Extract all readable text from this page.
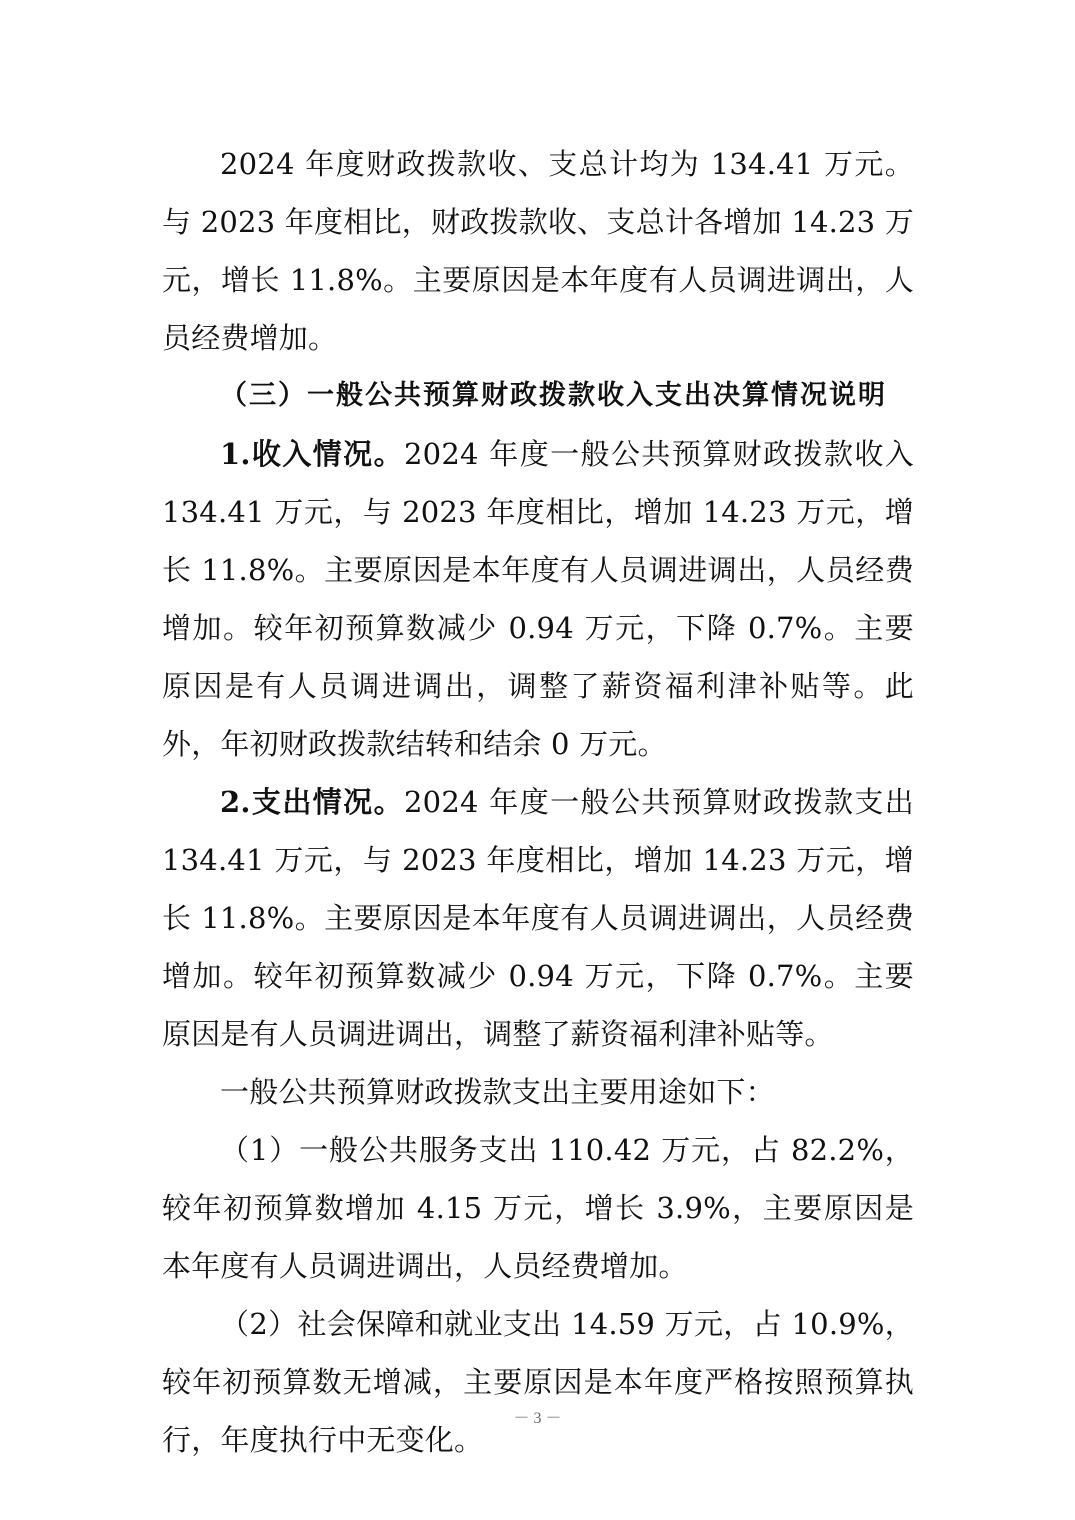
2024 年度财政拨款收、支总计均为 134.41 万元。与 2023 年度相比，财政拨款收、支总计各增加 14.23 万元，增长 11.8%。主要原因是本年度有人员调进调出，人员经费增加。

（三）一般公共预算财政拨款收入支出决算情况说明

1.收入情况。2024 年度一般公共预算财政拨款收入 134.41 万元，与 2023 年度相比，增加 14.23 万元，增长 11.8%。主要原因是本年度有人员调进调出，人员经费增加。较年初预算数减少 0.94 万元，下降 0.7%。主要原因是有人员调进调出，调整了薪资福利津补贴等。此外，年初财政拨款结转和结余 0 万元。

2.支出情况。2024 年度一般公共预算财政拨款支出 134.41 万元，与 2023 年度相比，增加 14.23 万元，增长 11.8%。主要原因是本年度有人员调进调出，人员经费增加。较年初预算数减少 0.94 万元，下降 0.7%。主要原因是有人员调进调出，调整了薪资福利津补贴等。

一般公共预算财政拨款支出主要用途如下：

（1）一般公共服务支出 110.42 万元，占 82.2%，较年初预算数增加 4.15 万元，增长 3.9%，主要原因是本年度有人员调进调出，人员经费增加。

（2）社会保障和就业支出 14.59 万元，占 10.9%，较年初预算数无增减，主要原因是本年度严格按照预算执行，年度执行中无变化。

－ 3 －
